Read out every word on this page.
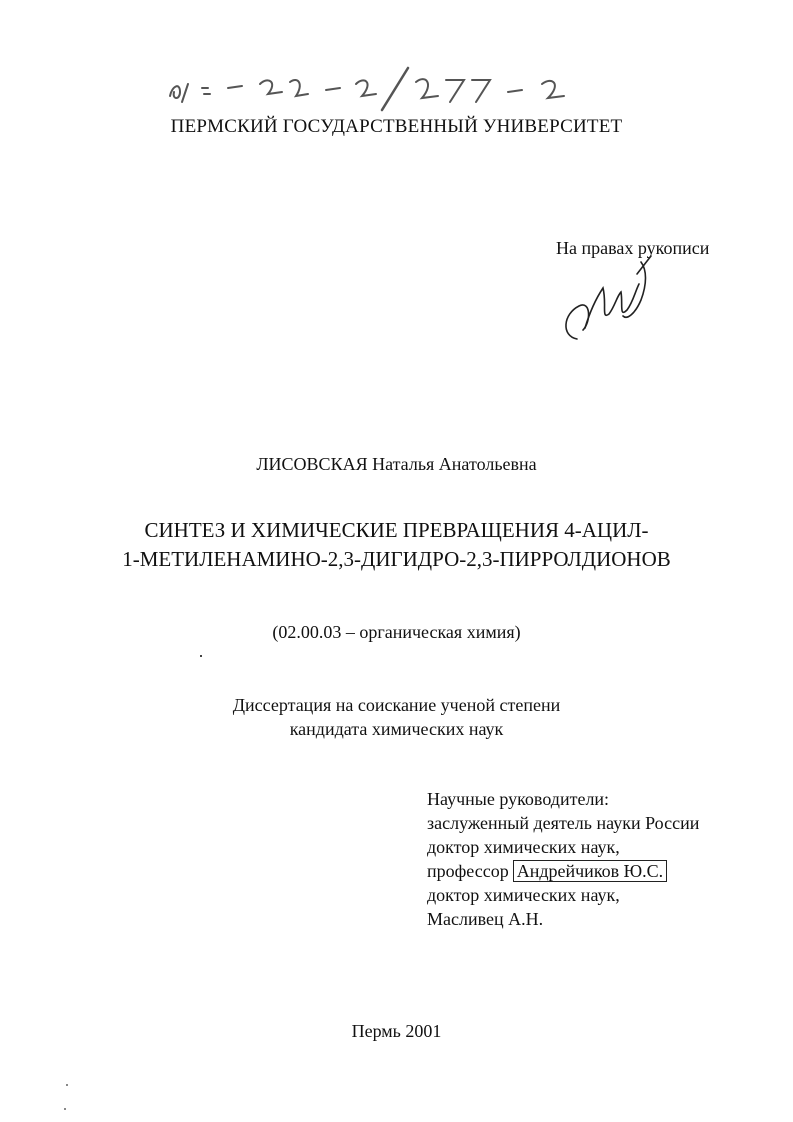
ПЕРМСКИЙ ГОСУДАРСТВЕННЫЙ УНИВЕРСИТЕТ
На правах рукописи
ЛИСОВСКАЯ Наталья Анатольевна
СИНТЕЗ И ХИМИЧЕСКИЕ ПРЕВРАЩЕНИЯ 4-АЦИЛ-
1-МЕТИЛЕНАМИНО-2,3-ДИГИДРО-2,3-ПИРРОЛДИОНОВ
(02.00.03 – органическая химия)
Диссертация на соискание ученой степени
кандидата химических наук
Научные руководители:
заслуженный деятель науки России
доктор химических наук,
профессор Андрейчиков Ю.С.
доктор химических наук,
Масливец А.Н.
Пермь 2001
